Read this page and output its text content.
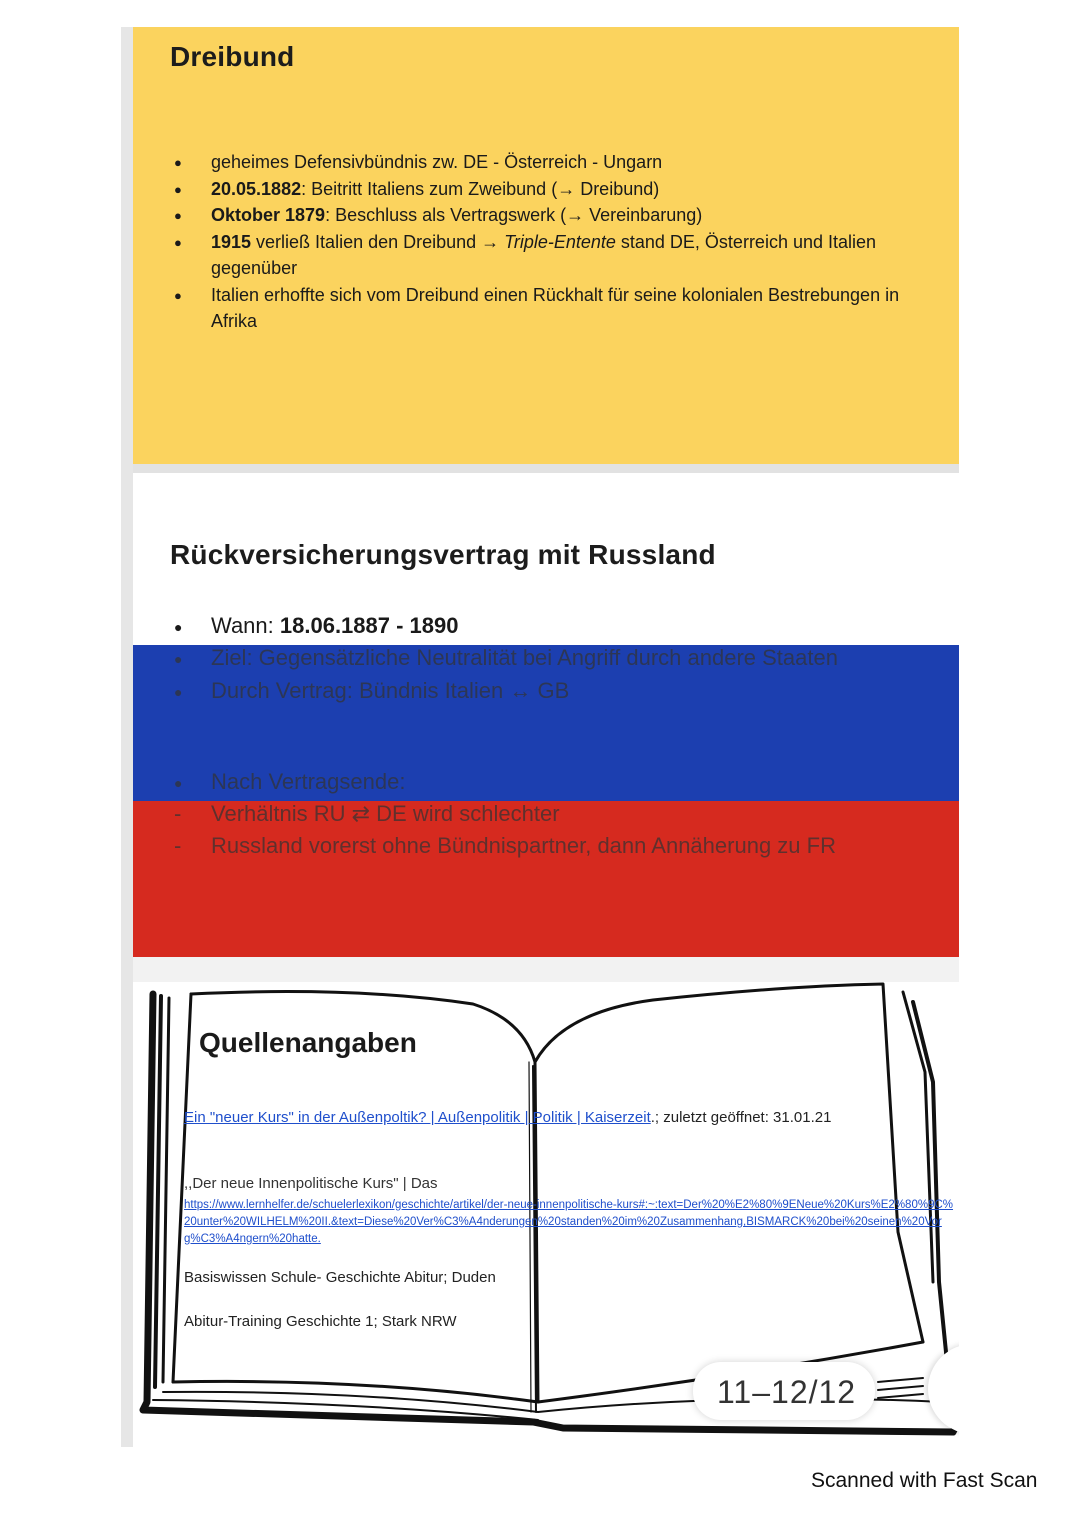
Dreibund
● geheimes Defensivbündnis zw. DE - Österreich - Ungarn
● 20.05.1882: Beitritt Italiens zum Zweibund (→ Dreibund)
● Oktober 1879: Beschluss als Vertragswerk (→ Vereinbarung)
● 1915 verließ Italien den Dreibund → Triple-Entente stand DE, Österreich und Italien gegenüber
● Italien erhoffte sich vom Dreibund einen Rückhalt für seine kolonialen Bestrebungen in Afrika
Rückversicherungsvertrag mit Russland
● Wann: 18.06.1887 - 1890
● Ziel: Gegensätzliche Neutralität bei Angriff durch andere Staaten
● Durch Vertrag: Bündnis Italien ↔ GB
● Nach Vertragsende:
- Verhältnis RU ⇄ DE wird schlechter
- Russland vorerst ohne Bündnispartner, dann Annäherung zu FR
Quellenangaben
Ein "neuer Kurs" in der Außenpoltik? | Außenpolitik | Politik | Kaiserzeit.; zuletzt geöffnet: 31.01.21
,,Der neue Innenpolitische Kurs" | Das
https://www.lernhelfer.de/schuelerlexikon/geschichte/artikel/der-neue-innenpolitische-kurs#:~:text=Der%20%E2%80%9ENeue%20Kurs%E2%80%9C%20unter%20WILHELM%20II.&text=Diese%20Ver%C3%A4nderungen%20standen%20im%20Zusammenhang,BISMARCK%20bei%20seinen%20Vorg%C3%A4ngern%20hatte.
Basiswissen Schule- Geschichte Abitur; Duden
Abitur-Training Geschichte 1; Stark NRW
11–12/12
Scanned with Fast Scan
